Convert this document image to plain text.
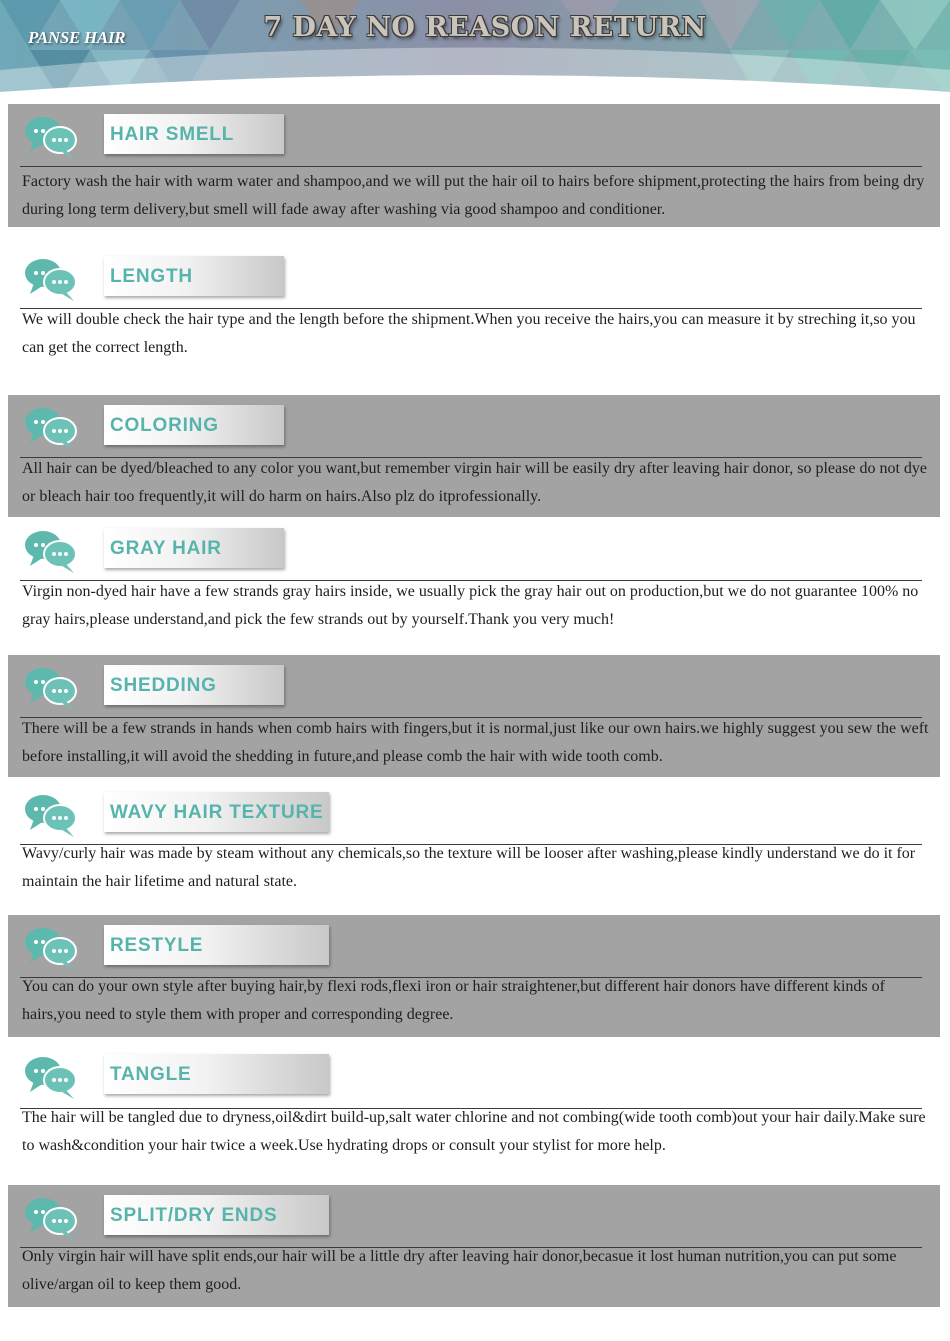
PANSE HAIR	7 DAY NO REASON RETURN
HAIR SMELL
Factory wash the hair with warm water and shampoo,and we will put the hair oil to hairs before shipment,protecting the hairs from being dry during long term delivery,but smell will fade away after washing via good shampoo and conditioner.
LENGTH
We will double check the hair type and the length before the shipment.When you receive the hairs,you can measure it by streching it,so you can get the correct length.
COLORING
All hair can be dyed/bleached to any color you want,but remember virgin hair will be easily dry after leaving hair donor, so please do not dye or bleach hair too frequently,it will do harm on hairs.Also plz do itprofessionally.
GRAY HAIR
Virgin non-dyed hair have a few strands gray hairs inside, we usually pick the gray hair out on production,but we do not guarantee 100% no gray hairs,please understand,and pick the few strands out by yourself.Thank you very much!
SHEDDING
There will be a few strands in hands when comb hairs with fingers,but it is normal,just like our own hairs.we highly suggest you sew the weft before installing,it will avoid the shedding in future,and please comb the hair with wide tooth comb.
WAVY HAIR TEXTURE
Wavy/curly hair was made by steam without any chemicals,so the texture will be looser after washing,please kindly understand we do it for maintain the hair lifetime and natural state.
RESTYLE
You can do your own style after buying hair,by flexi rods,flexi iron or hair straightener,but different hair donors have different kinds of hairs,you need to style them with proper and corresponding degree.
TANGLE
The hair will be tangled due to dryness,oil&dirt build-up,salt water chlorine and not combing(wide tooth comb)out your hair daily.Make sure to wash&condition your hair twice a week.Use hydrating drops or consult your stylist for more help.
SPLIT/DRY ENDS
Only virgin hair will have split ends,our hair will be a little dry after leaving hair donor,becasue it lost human nutrition,you can put some olive/argan oil to keep them good.
